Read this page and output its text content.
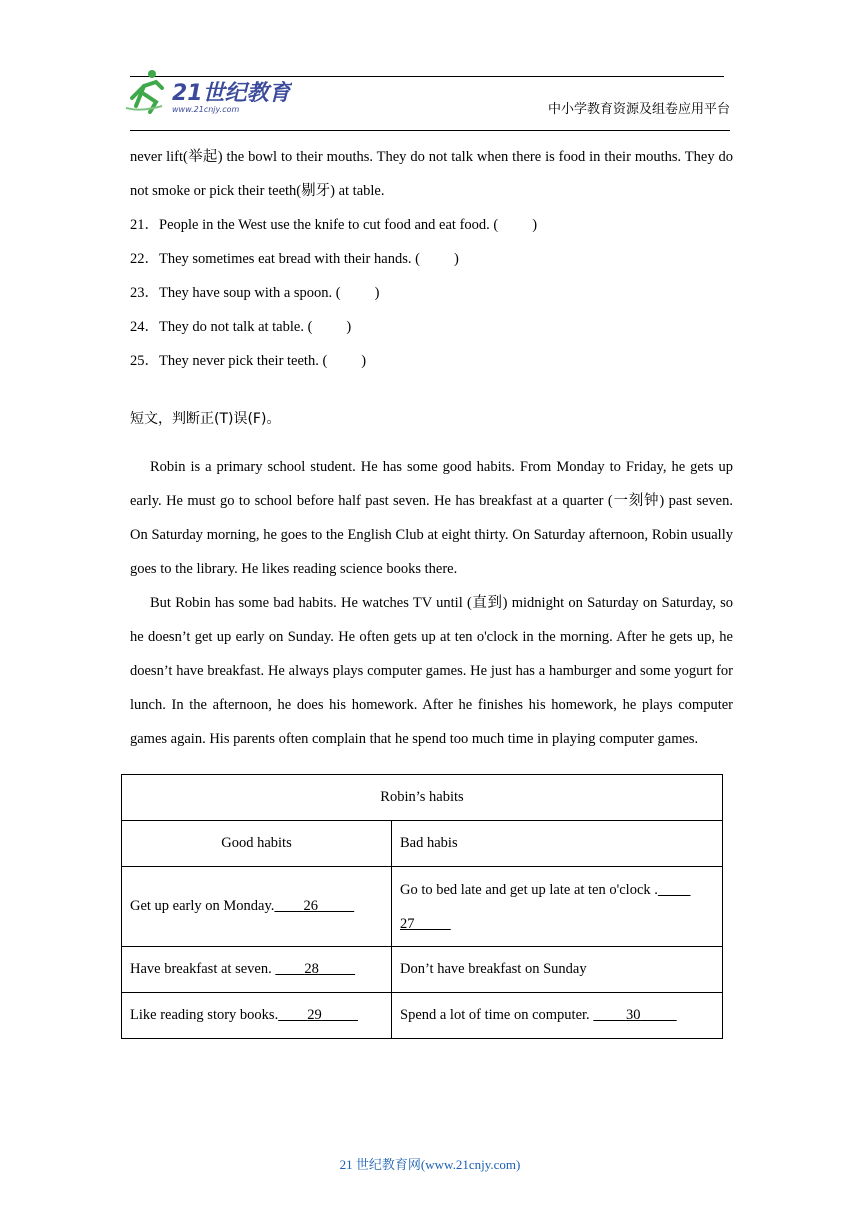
21世纪教育
www.21cnjy.com	中小学教育资源及组卷应用平台

never lift(举起) the bowl to their mouths. They do not talk when there is food in their mouths. They do not smoke or pick their teeth(剔牙) at table.

21．People in the West use the knife to cut food and eat food. ( )

22．They sometimes eat bread with their hands. ( )

23．They have soup with a spoon. ( )

24．They do not talk at table. ( )

25．They never pick their teeth. ( )

短文，判断正(T)误(F)。

Robin is a primary school student. He has some good habits. From Monday to Friday, he gets up early. He must go to school before half past seven. He has breakfast at a quarter (一刻钟) past seven. On Saturday morning, he goes to the English Club at eight thirty. On Saturday afternoon, Robin usually goes to the library. He likes reading science books there.

But Robin has some bad habits. He watches TV until (直到) midnight on Saturday on Saturday, so he doesn’t get up early on Sunday. He often gets up at ten o'clock in the morning. After he gets up, he doesn’t have breakfast. He always plays computer games. He just has a hamburger and some yogurt for lunch. In the afternoon, he does his homework. After he finishes his homework, he plays computer games again. His parents often complain that he spend too much time in playing computer games.

Robin’s habits	
Good habits	Bad habis
Get up early on Monday. 26	Go to bed late and get up late at ten o'clock .
27
Have breakfast at seven.         28	Don’t have breakfast on Sunday
Like reading story books. 29	Spend a lot of time on computer.          30
21 世纪教育网(www.21cnjy.com)
